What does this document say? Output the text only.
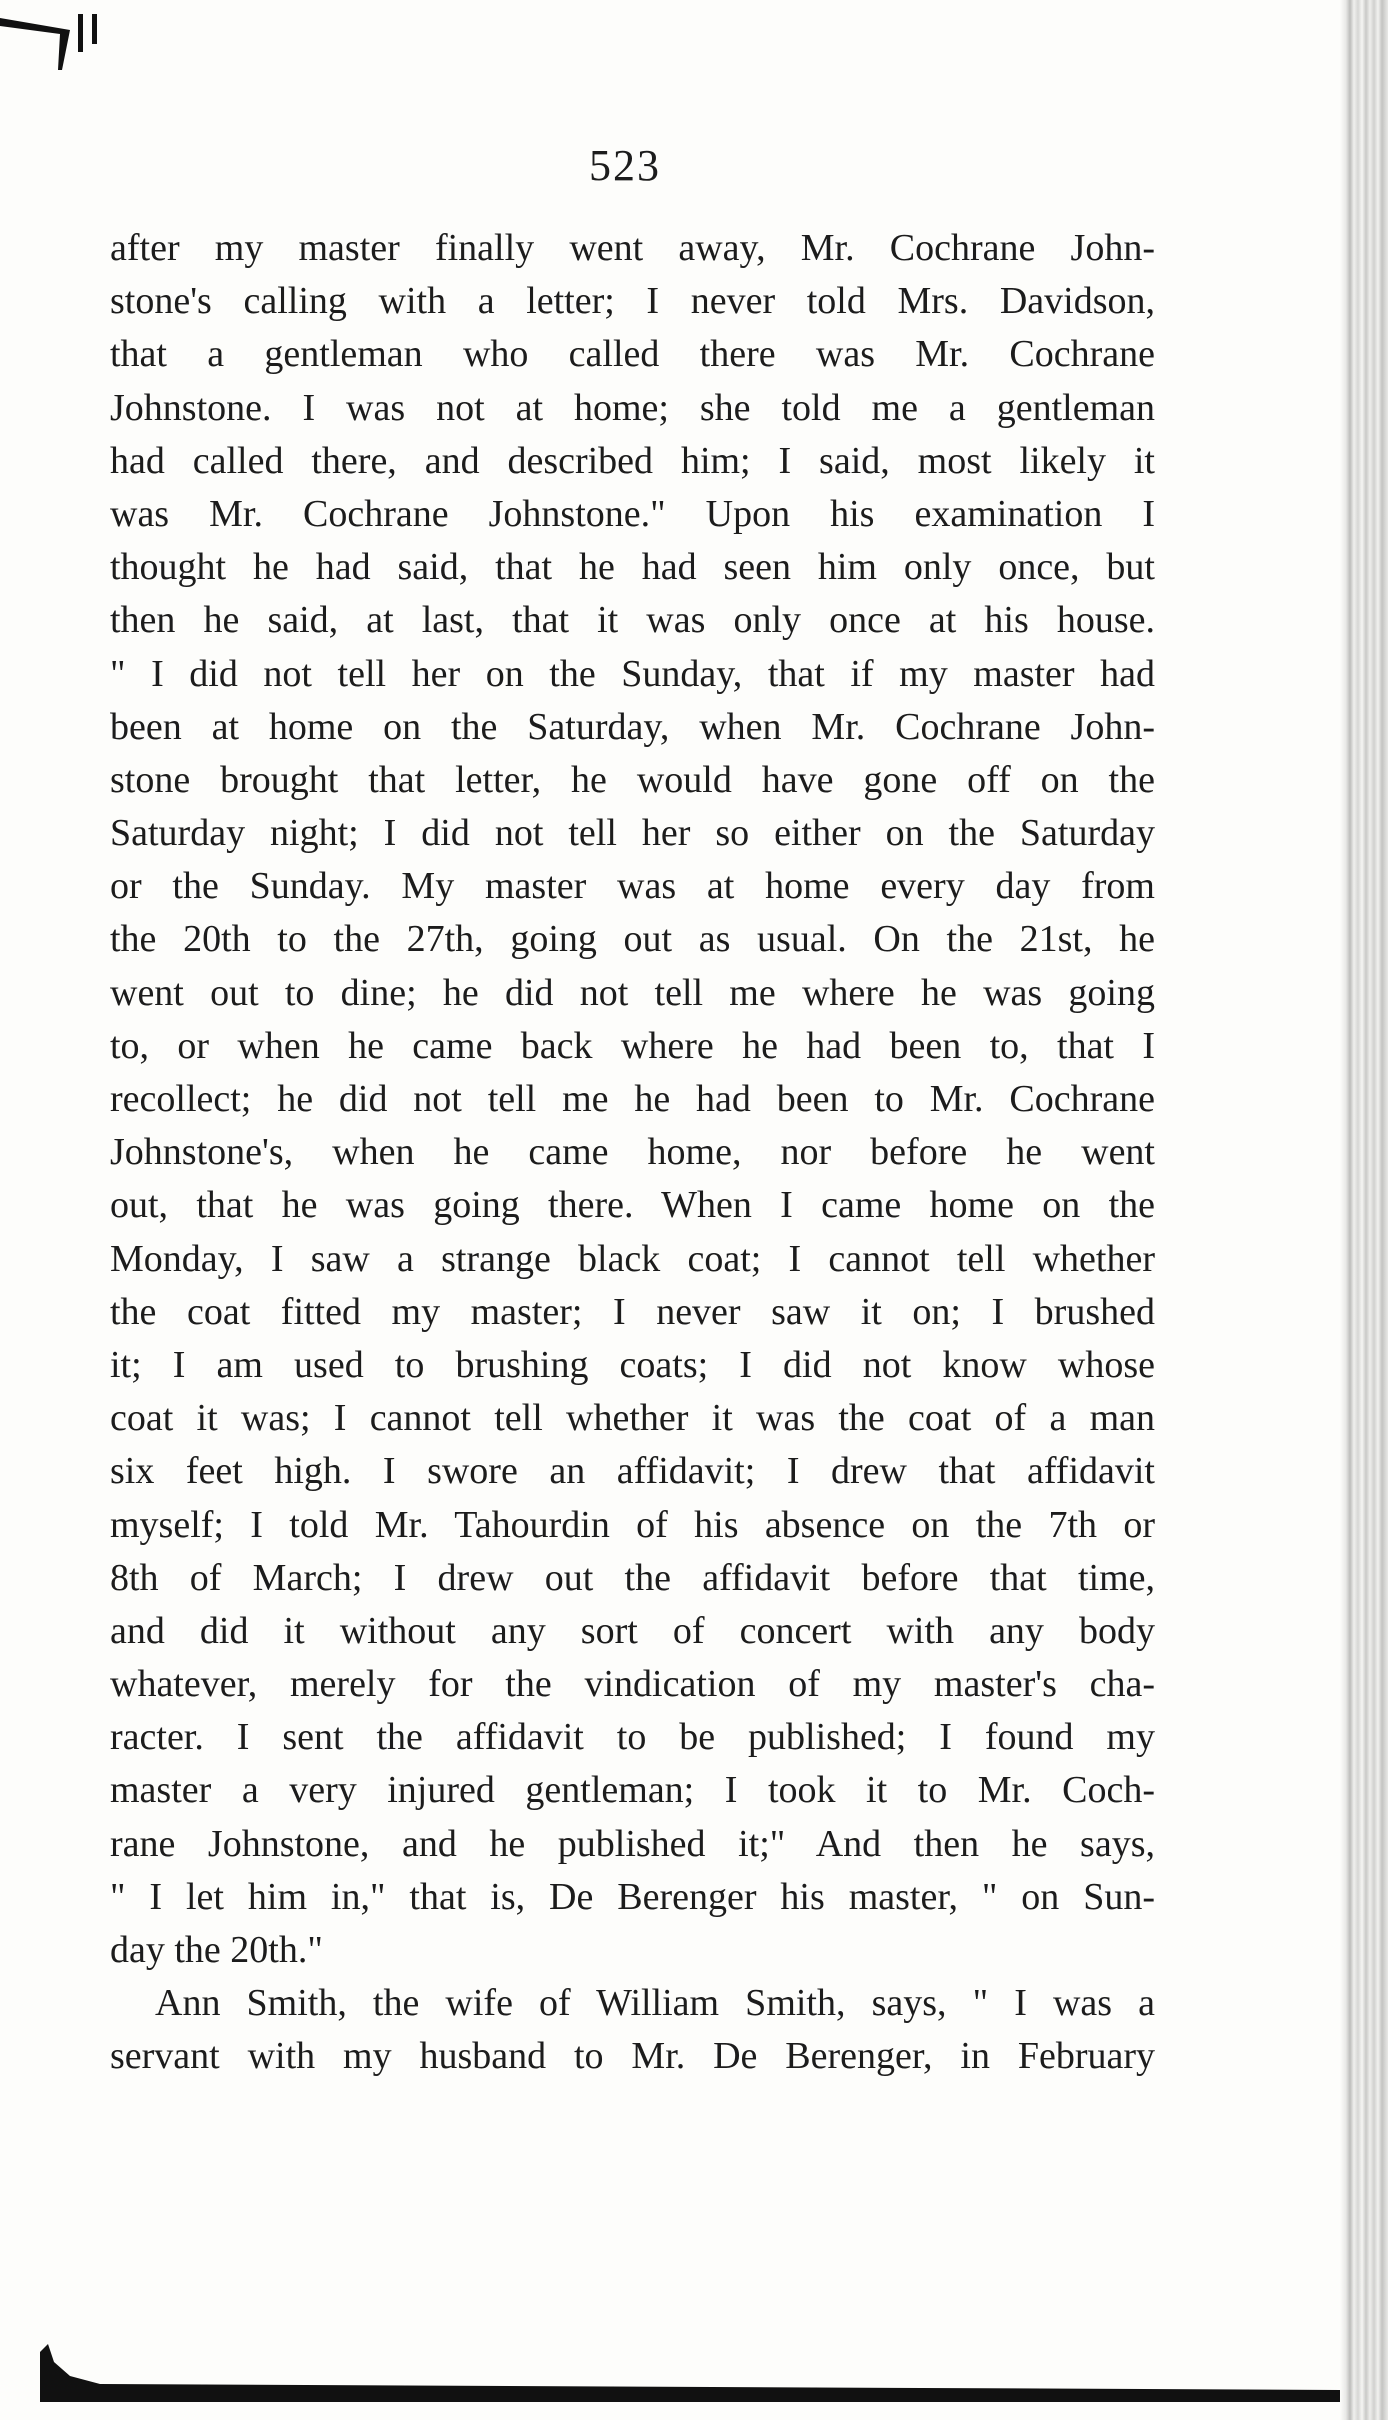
523

after my master finally went away, Mr. Cochrane John-
stone's calling with a letter; I never told Mrs. Davidson,
that a gentleman who called there was Mr. Cochrane
Johnstone. I was not at home; she told me a gentleman
had called there, and described him; I said, most likely it
was Mr. Cochrane Johnstone." Upon his examination I
thought he had said, that he had seen him only once, but
then he said, at last, that it was only once at his house.
" I did not tell her on the Sunday, that if my master had
been at home on the Saturday, when Mr. Cochrane John-
stone brought that letter, he would have gone off on the
Saturday night; I did not tell her so either on the Saturday
or the Sunday. My master was at home every day from
the 20th to the 27th, going out as usual. On the 21st, he
went out to dine; he did not tell me where he was going
to, or when he came back where he had been to, that I
recollect; he did not tell me he had been to Mr. Cochrane
Johnstone's, when he came home, nor before he went
out, that he was going there. When I came home on the
Monday, I saw a strange black coat; I cannot tell whether
the coat fitted my master; I never saw it on; I brushed
it; I am used to brushing coats; I did not know whose
coat it was; I cannot tell whether it was the coat of a man
six feet high. I swore an affidavit; I drew that affidavit
myself; I told Mr. Tahourdin of his absence on the 7th or
8th of March; I drew out the affidavit before that time,
and did it without any sort of concert with any body
whatever, merely for the vindication of my master's cha-
racter. I sent the affidavit to be published; I found my
master a very injured gentleman; I took it to Mr. Coch-
rane Johnstone, and he published it;" And then he says,
" I let him in," that is, De Berenger his master, " on Sun-
day the 20th."
Ann Smith, the wife of William Smith, says, " I was a
servant with my husband to Mr. De Berenger, in February
